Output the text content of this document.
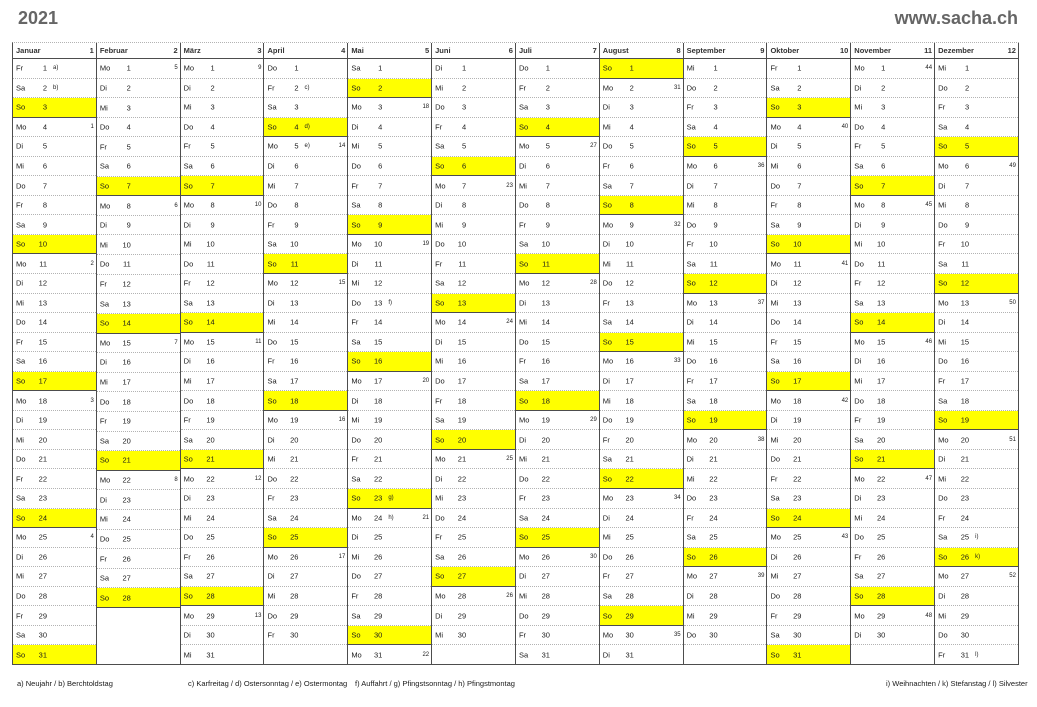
2021	www.sacha.ch
Januar	1
Fr	1 a)
Sa	2 b)
So	3
Mo	4	1
Di	5
Mi	6
Do	7
Fr	8
Sa	9
So	10
Mo	11	2
Di	12
Mi	13
Do	14
Fr	15
Sa	16
So	17
Mo	18	3
Di	19
Mi	20
Do	21
Fr	22
Sa	23
So	24
Mo	25	4
Di	26
Mi	27
Do	28
Fr	29
Sa	30
So	31
Februar	2
Mo	1	5
Di	2
Mi	3
Do	4
Fr	5
Sa	6
So	7
Mo	8	6
Di	9
Mi	10
Do	11
Fr	12
Sa	13
So	14
Mo	15	7
Di	16
Mi	17
Do	18
Fr	19
Sa	20
So	21
Mo	22	8
Di	23
Mi	24
Do	25
Fr	26
Sa	27
So	28
März	3
Mo	1	9
Di	2
Mi	3
Do	4
Fr	5
Sa	6
So	7
Mo	8	10
Di	9
Mi	10
Do	11
Fr	12
Sa	13
So	14
Mo	15	11
Di	16
Mi	17
Do	18
Fr	19
Sa	20
So	21
Mo	22	12
Di	23
Mi	24
Do	25
Fr	26
Sa	27
So	28
Mo	29	13
Di	30
Mi	31
April	4
Do	1
Fr	2 c)
Sa	3
So	4 d)
Mo	5 e)	14
Di	6
Mi	7
Do	8
Fr	9
Sa	10
So	11
Mo	12	15
Di	13
Mi	14
Do	15
Fr	16
Sa	17
So	18
Mo	19	16
Di	20
Mi	21
Do	22
Fr	23
Sa	24
So	25
Mo	26	17
Di	27
Mi	28
Do	29
Fr	30
Mai	5
Sa	1
So	2
Mo	3	18
Di	4
Mi	5
Do	6
Fr	7
Sa	8
So	9
Mo	10	19
Di	11
Mi	12
Do	13 f)
Fr	14
Sa	15
So	16
Mo	17	20
Di	18
Mi	19
Do	20
Fr	21
Sa	22
So	23 g)
Mo	24 h)	21
Di	25
Mi	26
Do	27
Fr	28
Sa	29
So	30
Mo	31	22
Juni	6
Di	1
Mi	2
Do	3
Fr	4
Sa	5
So	6
Mo	7	23
Di	8
Mi	9
Do	10
Fr	11
Sa	12
So	13
Mo	14	24
Di	15
Mi	16
Do	17
Fr	18
Sa	19
So	20
Mo	21	25
Di	22
Mi	23
Do	24
Fr	25
Sa	26
So	27
Mo	28	26
Di	29
Mi	30
Juli	7
Do	1
Fr	2
Sa	3
So	4
Mo	5	27
Di	6
Mi	7
Do	8
Fr	9
Sa	10
So	11
Mo	12	28
Di	13
Mi	14
Do	15
Fr	16
Sa	17
So	18
Mo	19	29
Di	20
Mi	21
Do	22
Fr	23
Sa	24
So	25
Mo	26	30
Di	27
Mi	28
Do	29
Fr	30
Sa	31
August	8
So	1
Mo	2	31
Di	3
Mi	4
Do	5
Fr	6
Sa	7
So	8
Mo	9	32
Di	10
Mi	11
Do	12
Fr	13
Sa	14
So	15
Mo	16	33
Di	17
Mi	18
Do	19
Fr	20
Sa	21
So	22
Mo	23	34
Di	24
Mi	25
Do	26
Fr	27
Sa	28
So	29
Mo	30	35
Di	31
September	9
Mi	1
Do	2
Fr	3
Sa	4
So	5
Mo	6	36
Di	7
Mi	8
Do	9
Fr	10
Sa	11
So	12
Mo	13	37
Di	14
Mi	15
Do	16
Fr	17
Sa	18
So	19
Mo	20	38
Di	21
Mi	22
Do	23
Fr	24
Sa	25
So	26
Mo	27	39
Di	28
Mi	29
Do	30
Oktober	10
Fr	1
Sa	2
So	3
Mo	4	40
Di	5
Mi	6
Do	7
Fr	8
Sa	9
So	10
Mo	11	41
Di	12
Mi	13
Do	14
Fr	15
Sa	16
So	17
Mo	18	42
Di	19
Mi	20
Do	21
Fr	22
Sa	23
So	24
Mo	25	43
Di	26
Mi	27
Do	28
Fr	29
Sa	30
So	31
November	11
Mo	1	44
Di	2
Mi	3
Do	4
Fr	5
Sa	6
So	7
Mo	8	45
Di	9
Mi	10
Do	11
Fr	12
Sa	13
So	14
Mo	15	46
Di	16
Mi	17
Do	18
Fr	19
Sa	20
So	21
Mo	22	47
Di	23
Mi	24
Do	25
Fr	26
Sa	27
So	28
Mo	29	48
Di	30
Dezember	12
Mi	1
Do	2
Fr	3
Sa	4
So	5
Mo	6	49
Di	7
Mi	8
Do	9
Fr	10
Sa	11
So	12
Mo	13	50
Di	14
Mi	15
Do	16
Fr	17
Sa	18
So	19
Mo	20	51
Di	21
Mi	22
Do	23
Fr	24
Sa	25 i)
So	26 k)
Mo	27	52
Di	28
Mi	29
Do	30
Fr	31 l)
a) Neujahr / b) Berchtoldstag	c) Karfreitag / d) Ostersonntag / e) Ostermontag f) Auffahrt / g) Pfingstsonntag / h) Pfingstmontag	i) Weihnachten / k) Stefanstag / l) Silvester
